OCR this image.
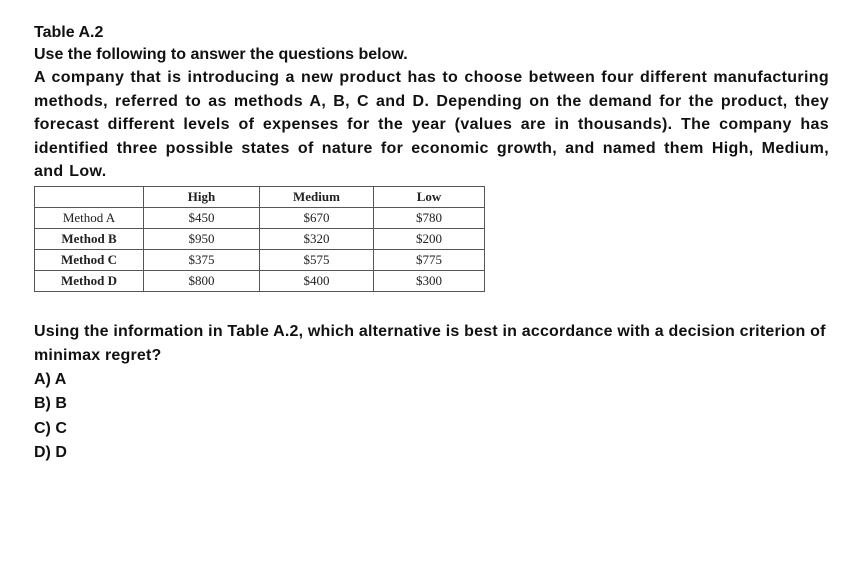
Table A.2

Use the following to answer the questions below.

A company that is introducing a new product has to choose between four different manufacturing methods, referred to as methods A, B, C and D. Depending on the demand for the product, they forecast different levels of expenses for the year (values are in thousands). The company has identified three possible states of nature for economic growth, and named them High, Medium, and Low.

	High	Medium	Low
Method A	$450	$670	$780
Method B	$950	$320	$200
Method C	$375	$575	$775
Method D	$800	$400	$300

Using the information in Table A.2, which alternative is best in accordance with a decision criterion of minimax regret?

A) A
B) B
C) C
D) D
